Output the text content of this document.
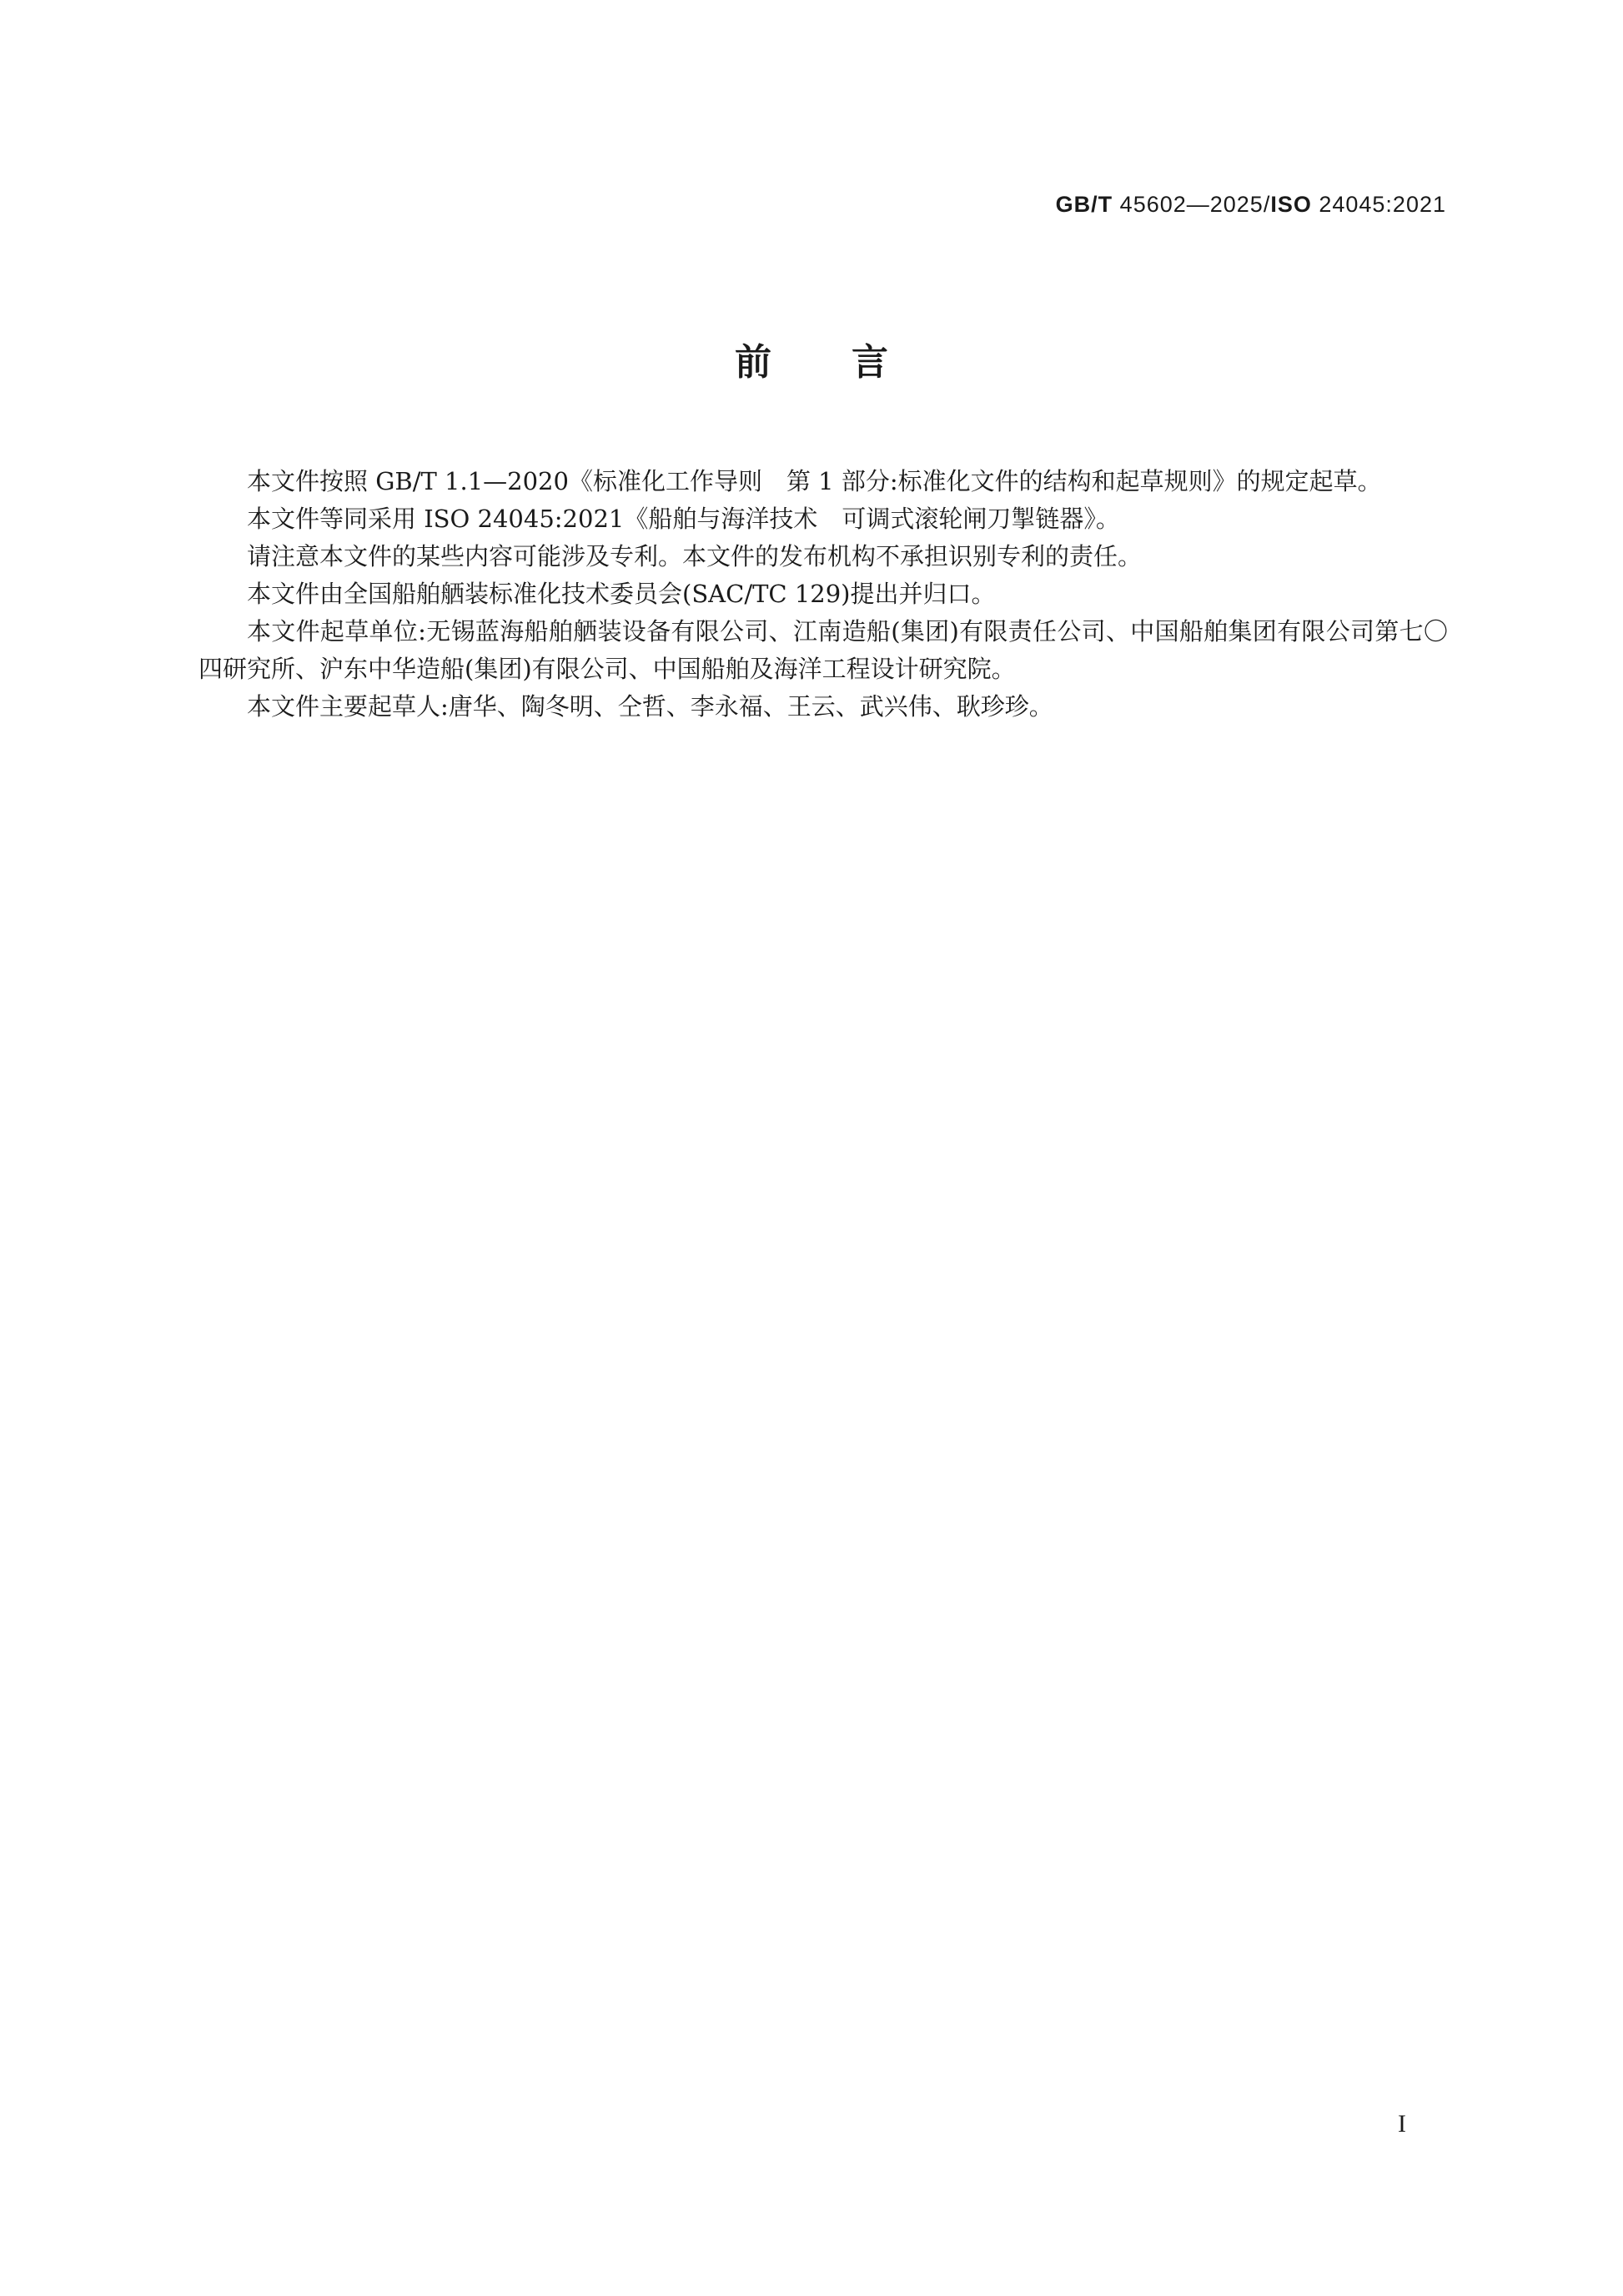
GB/T 45602—2025/ISO 24045:2021
前 言

本文件按照 GB/T 1.1—2020《标准化工作导则　第 1 部分:标准化文件的结构和起草规则》的规定起草。

本文件等同采用 ISO 24045:2021《船舶与海洋技术　可调式滚轮闸刀掣链器》。

请注意本文件的某些内容可能涉及专利。本文件的发布机构不承担识别专利的责任。

本文件由全国船舶舾装标准化技术委员会(SAC/TC 129)提出并归口。

本文件起草单位:无锡蓝海船舶舾装设备有限公司、江南造船(集团)有限责任公司、中国船舶集团有限公司第七〇四研究所、沪东中华造船(集团)有限公司、中国船舶及海洋工程设计研究院。

本文件主要起草人:唐华、陶冬明、仝哲、李永福、王云、武兴伟、耿珍珍。

I
